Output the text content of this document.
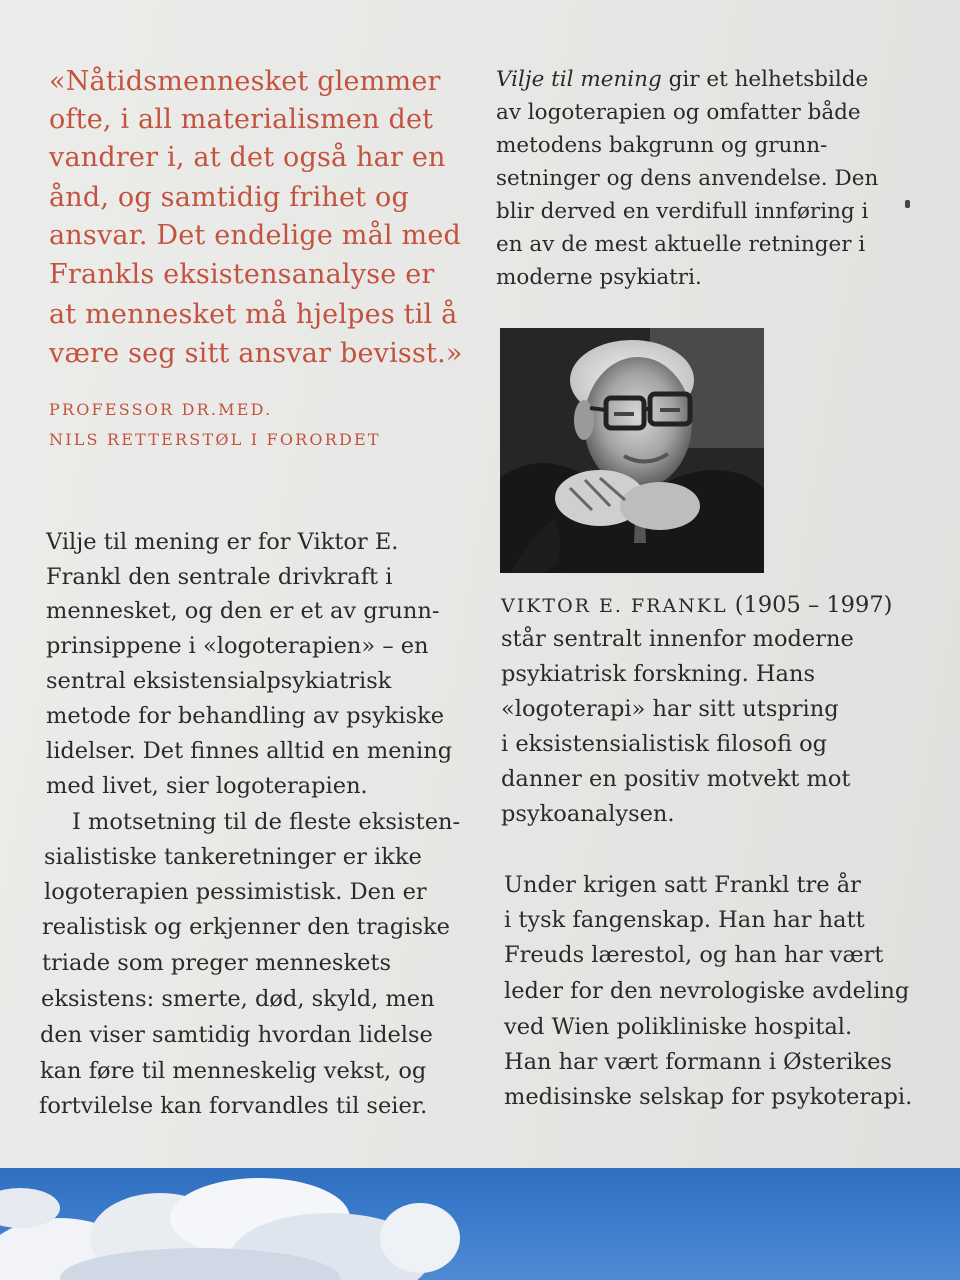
«Nåtidsmennesket glemmer

ofte, i all materialismen det

vandrer i, at det også har en

ånd, og samtidig frihet og

ansvar. Det endelige mål med

Frankls eksistensanalyse er

at mennesket må hjelpes til å

være seg sitt ansvar bevisst.»

PROFESSOR DR.MED.

NILS RETTERSTØL I FORORDET

Vilje til mening gir et helhetsbilde

av logoterapien og omfatter både

metodens bakgrunn og grunn-

setninger og dens anvendelse. Den

blir derved en verdifull innføring i

en av de mest aktuelle retninger i

moderne psykiatri.

VIKTOR E. FRANKL (1905 – 1997)

står sentralt innenfor moderne

psykiatrisk forskning. Hans

«logoterapi» har sitt utspring

i eksistensialistisk filosofi og

danner en positiv motvekt mot

psykoanalysen.

Under krigen satt Frankl tre år

i tysk fangenskap. Han har hatt

Freuds lærestol, og han har vært

leder for den nevrologiske avdeling

ved Wien polikliniske hospital.

Han har vært formann i Østerikes

medisinske selskap for psykoterapi.

Vilje til mening er for Viktor E.

Frankl den sentrale drivkraft i

mennesket, og den er et av grunn-

prinsippene i «logoterapien» – en

sentral eksistensialpsykiatrisk

metode for behandling av psykiske

lidelser. Det finnes alltid en mening

med livet, sier logoterapien.

I motsetning til de fleste eksisten-

sialistiske tankeretninger er ikke

logoterapien pessimistisk. Den er

realistisk og erkjenner den tragiske

triade som preger menneskets

eksistens: smerte, død, skyld, men

den viser samtidig hvordan lidelse

kan føre til menneskelig vekst, og

fortvilelse kan forvandles til seier.
